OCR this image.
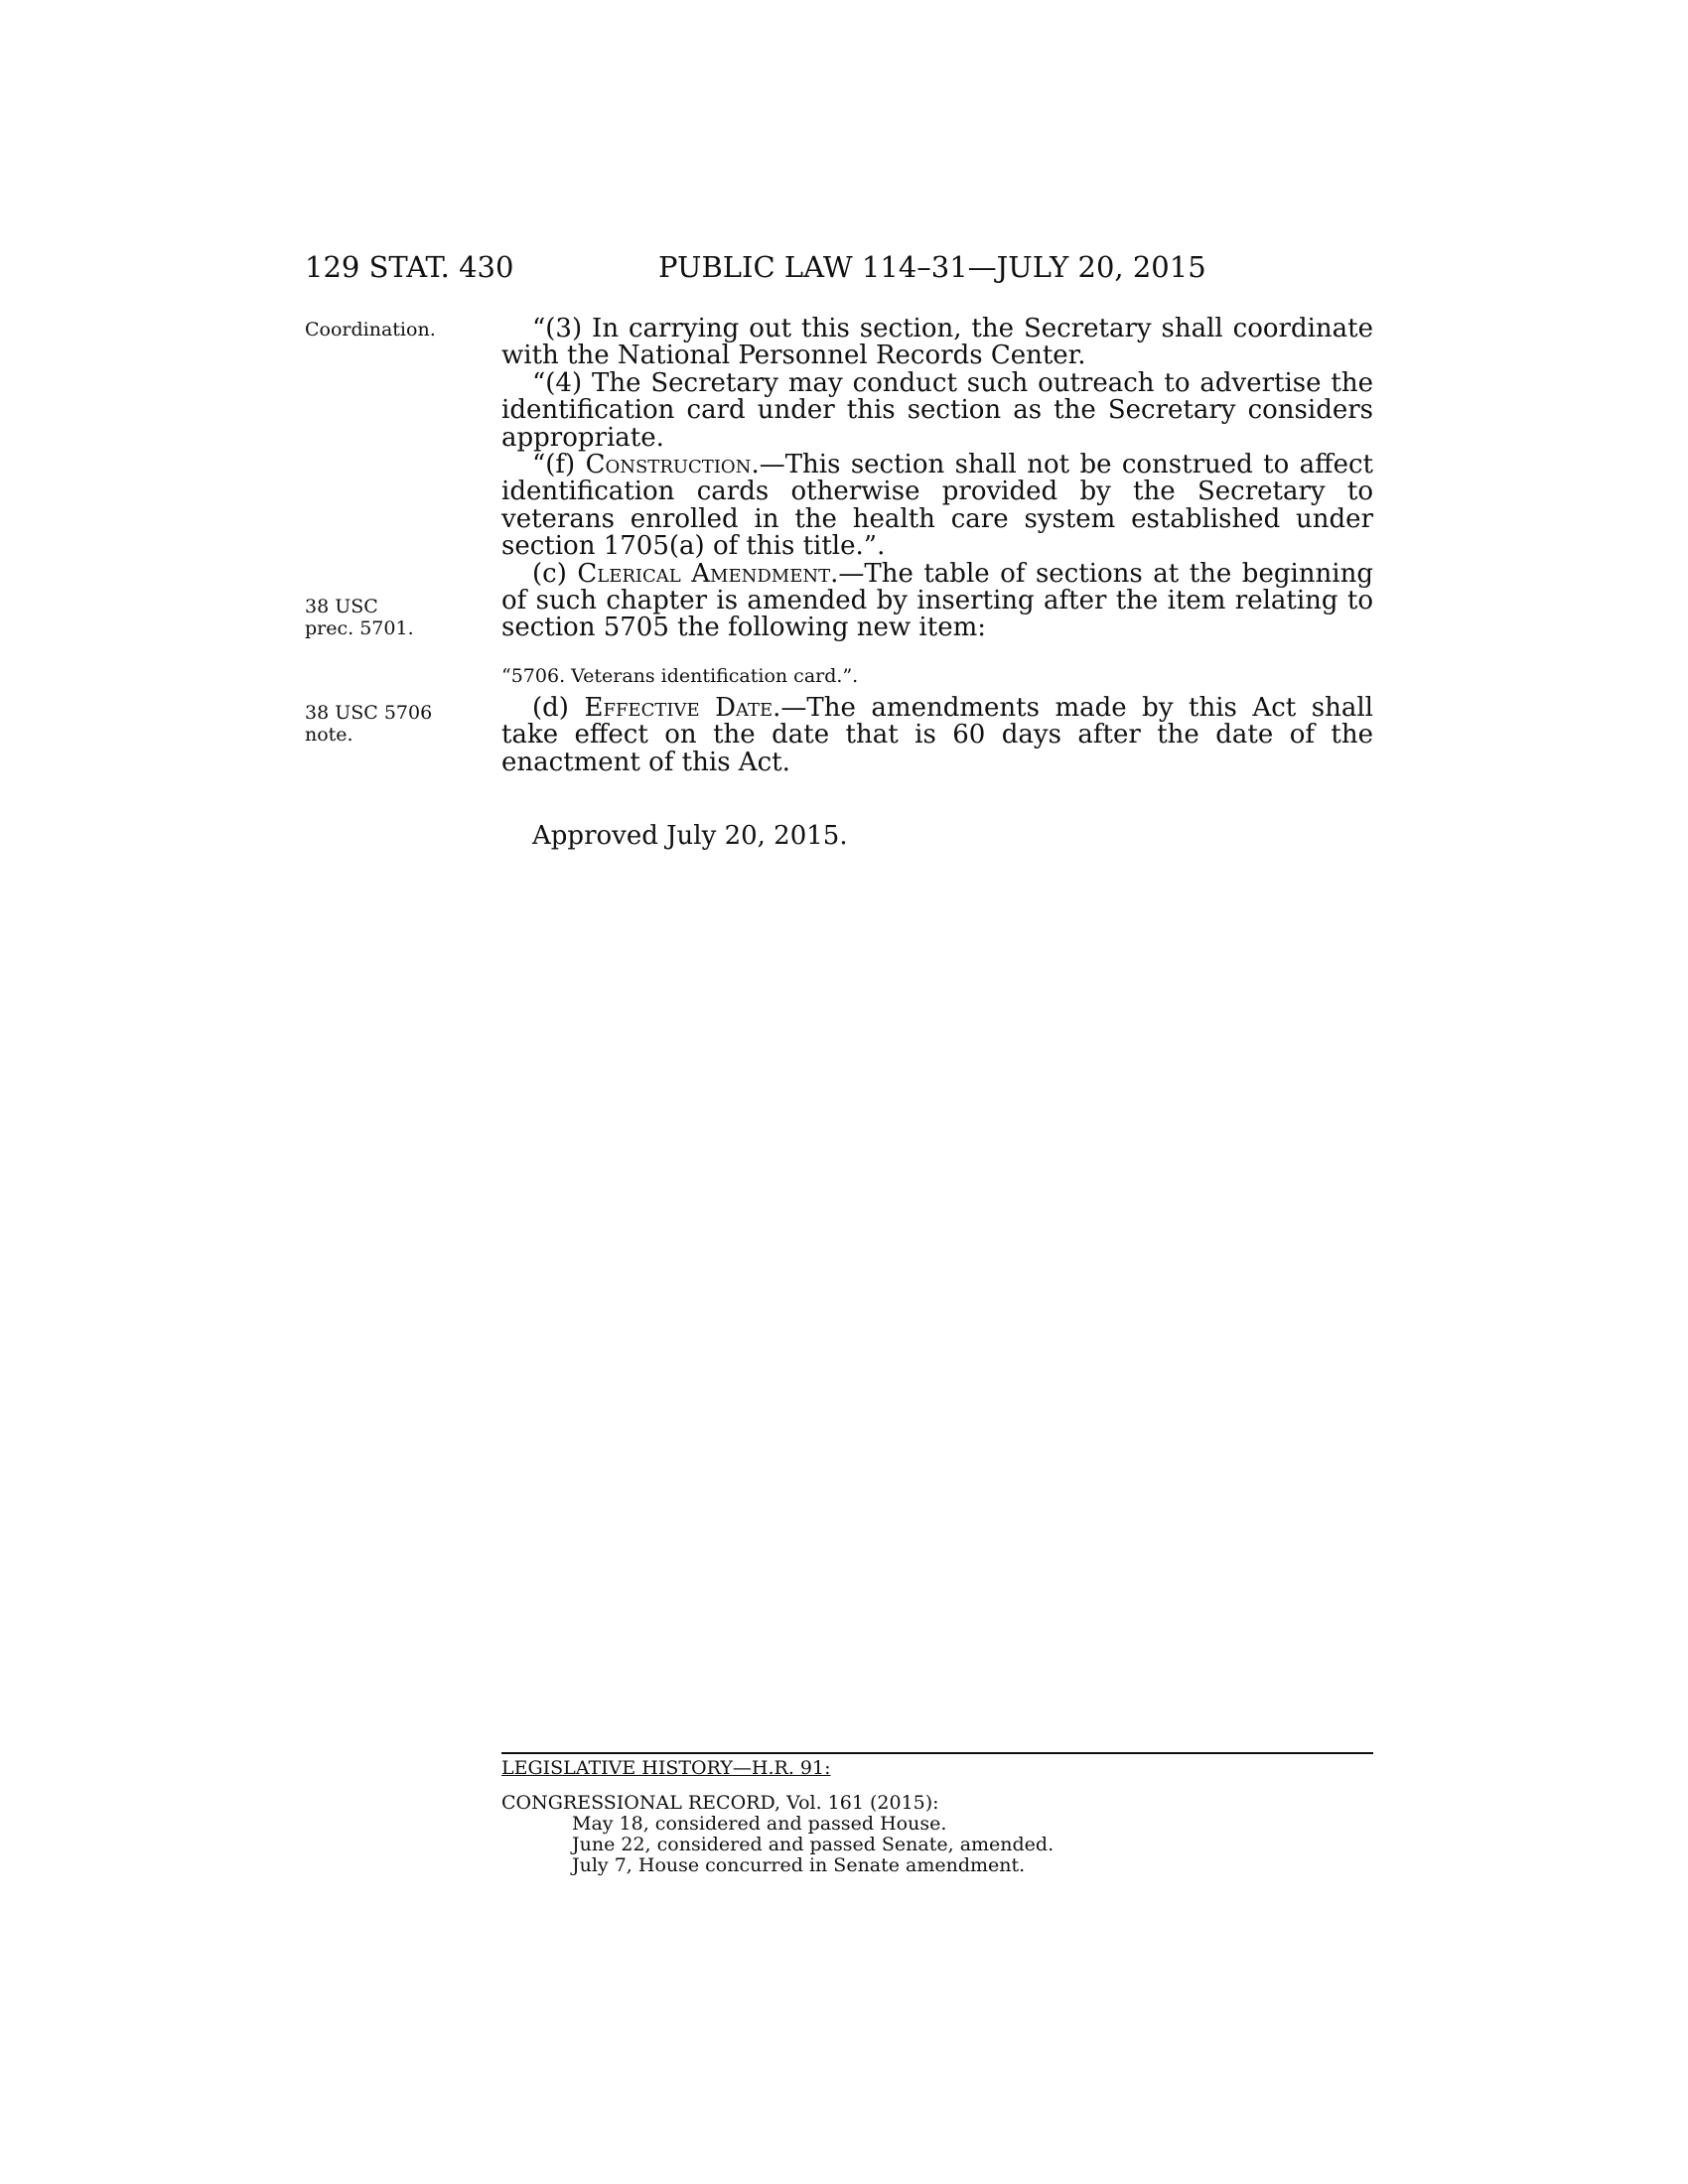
129 STAT. 430	PUBLIC LAW 114–31—JULY 20, 2015
Coordination.
38 USC
prec. 5701.
38 USC 5706
note.
“(3) In carrying out this section, the Secretary shall coordinate with the National Personnel Records Center.
“(4) The Secretary may conduct such outreach to advertise the identification card under this section as the Secretary considers appropriate.
“(f) Construction.—This section shall not be construed to affect identification cards otherwise provided by the Secretary to veterans enrolled in the health care system established under section 1705(a) of this title.”.
(c) Clerical Amendment.—The table of sections at the beginning of such chapter is amended by inserting after the item relating to section 5705 the following new item:
“5706. Veterans identification card.”.
(d) Effective Date.—The amendments made by this Act shall take effect on the date that is 60 days after the date of the enactment of this Act.
Approved July 20, 2015.
LEGISLATIVE HISTORY—H.R. 91:
CONGRESSIONAL RECORD, Vol. 161 (2015):
May 18, considered and passed House.
June 22, considered and passed Senate, amended.
July 7, House concurred in Senate amendment.
